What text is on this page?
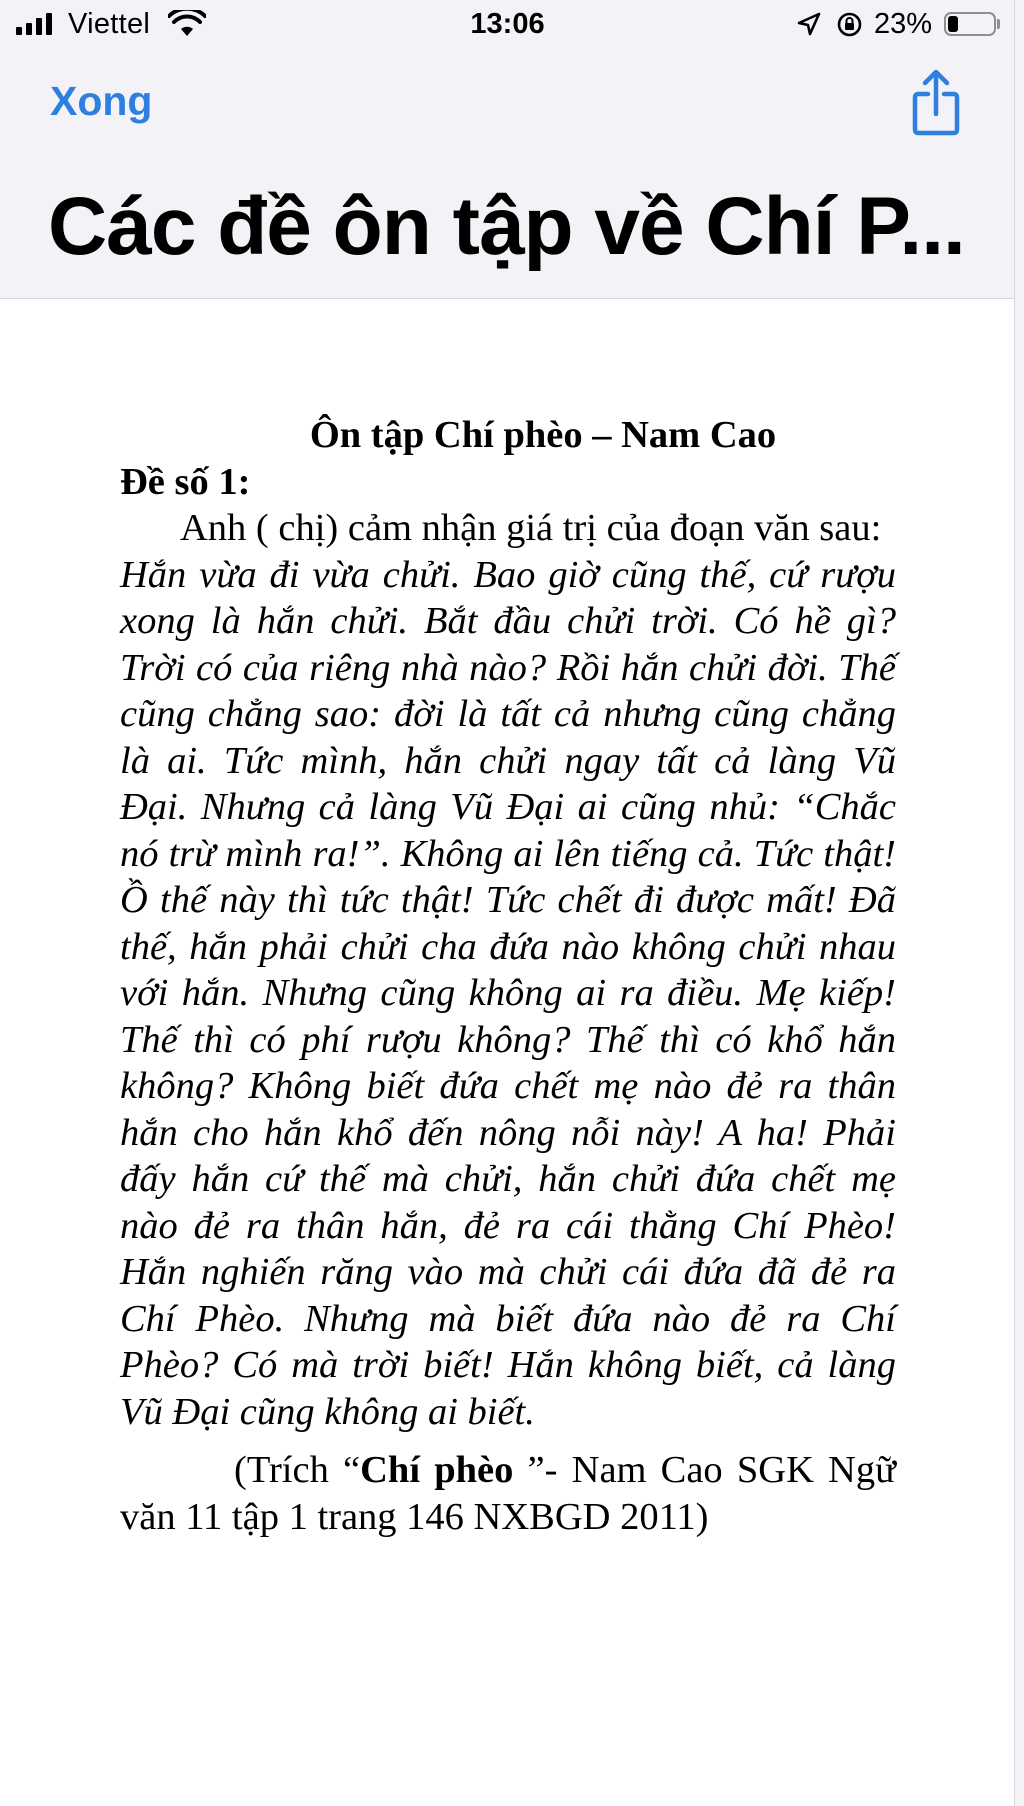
Viettel	13:06	23%
Xong
Các đề ôn tập về Chí P...
Ôn tập Chí phèo – Nam Cao
Đề số 1:
Anh ( chị) cảm nhận giá trị của đoạn văn sau:

Hắn vừa đi vừa chửi. Bao giờ cũng thế, cứ rượu xong là hắn chửi. Bắt đầu chửi trời. Có hề gì? Trời có của riêng nhà nào? Rồi hắn chửi đời. Thế cũng chẳng sao: đời là tất cả nhưng cũng chẳng là ai. Tức mình, hắn chửi ngay tất cả làng Vũ Đại. Nhưng cả làng Vũ Đại ai cũng nhủ: “Chắc nó trừ mình ra!”. Không ai lên tiếng cả. Tức thật! Ồ thế này thì tức thật! Tức chết đi được mất! Đã thế, hắn phải chửi cha đứa nào không chửi nhau với hắn. Nhưng cũng không ai ra điều. Mẹ kiếp! Thế thì có phí rượu không? Thế thì có khổ hắn không? Không biết đứa chết mẹ nào đẻ ra thân hắn cho hắn khổ đến nông nỗi này! A ha! Phải đấy hắn cứ thế mà chửi, hắn chửi đứa chết mẹ nào đẻ ra thân hắn, đẻ ra cái thằng Chí Phèo! Hắn nghiến răng vào mà chửi cái đứa đã đẻ ra Chí Phèo. Nhưng mà biết đứa nào đẻ ra Chí Phèo? Có mà trời biết! Hắn không biết, cả làng Vũ Đại cũng không ai biết.

(Trích “Chí phèo ”- Nam Cao SGK Ngữ văn 11 tập 1 trang 146 NXBGD 2011)
